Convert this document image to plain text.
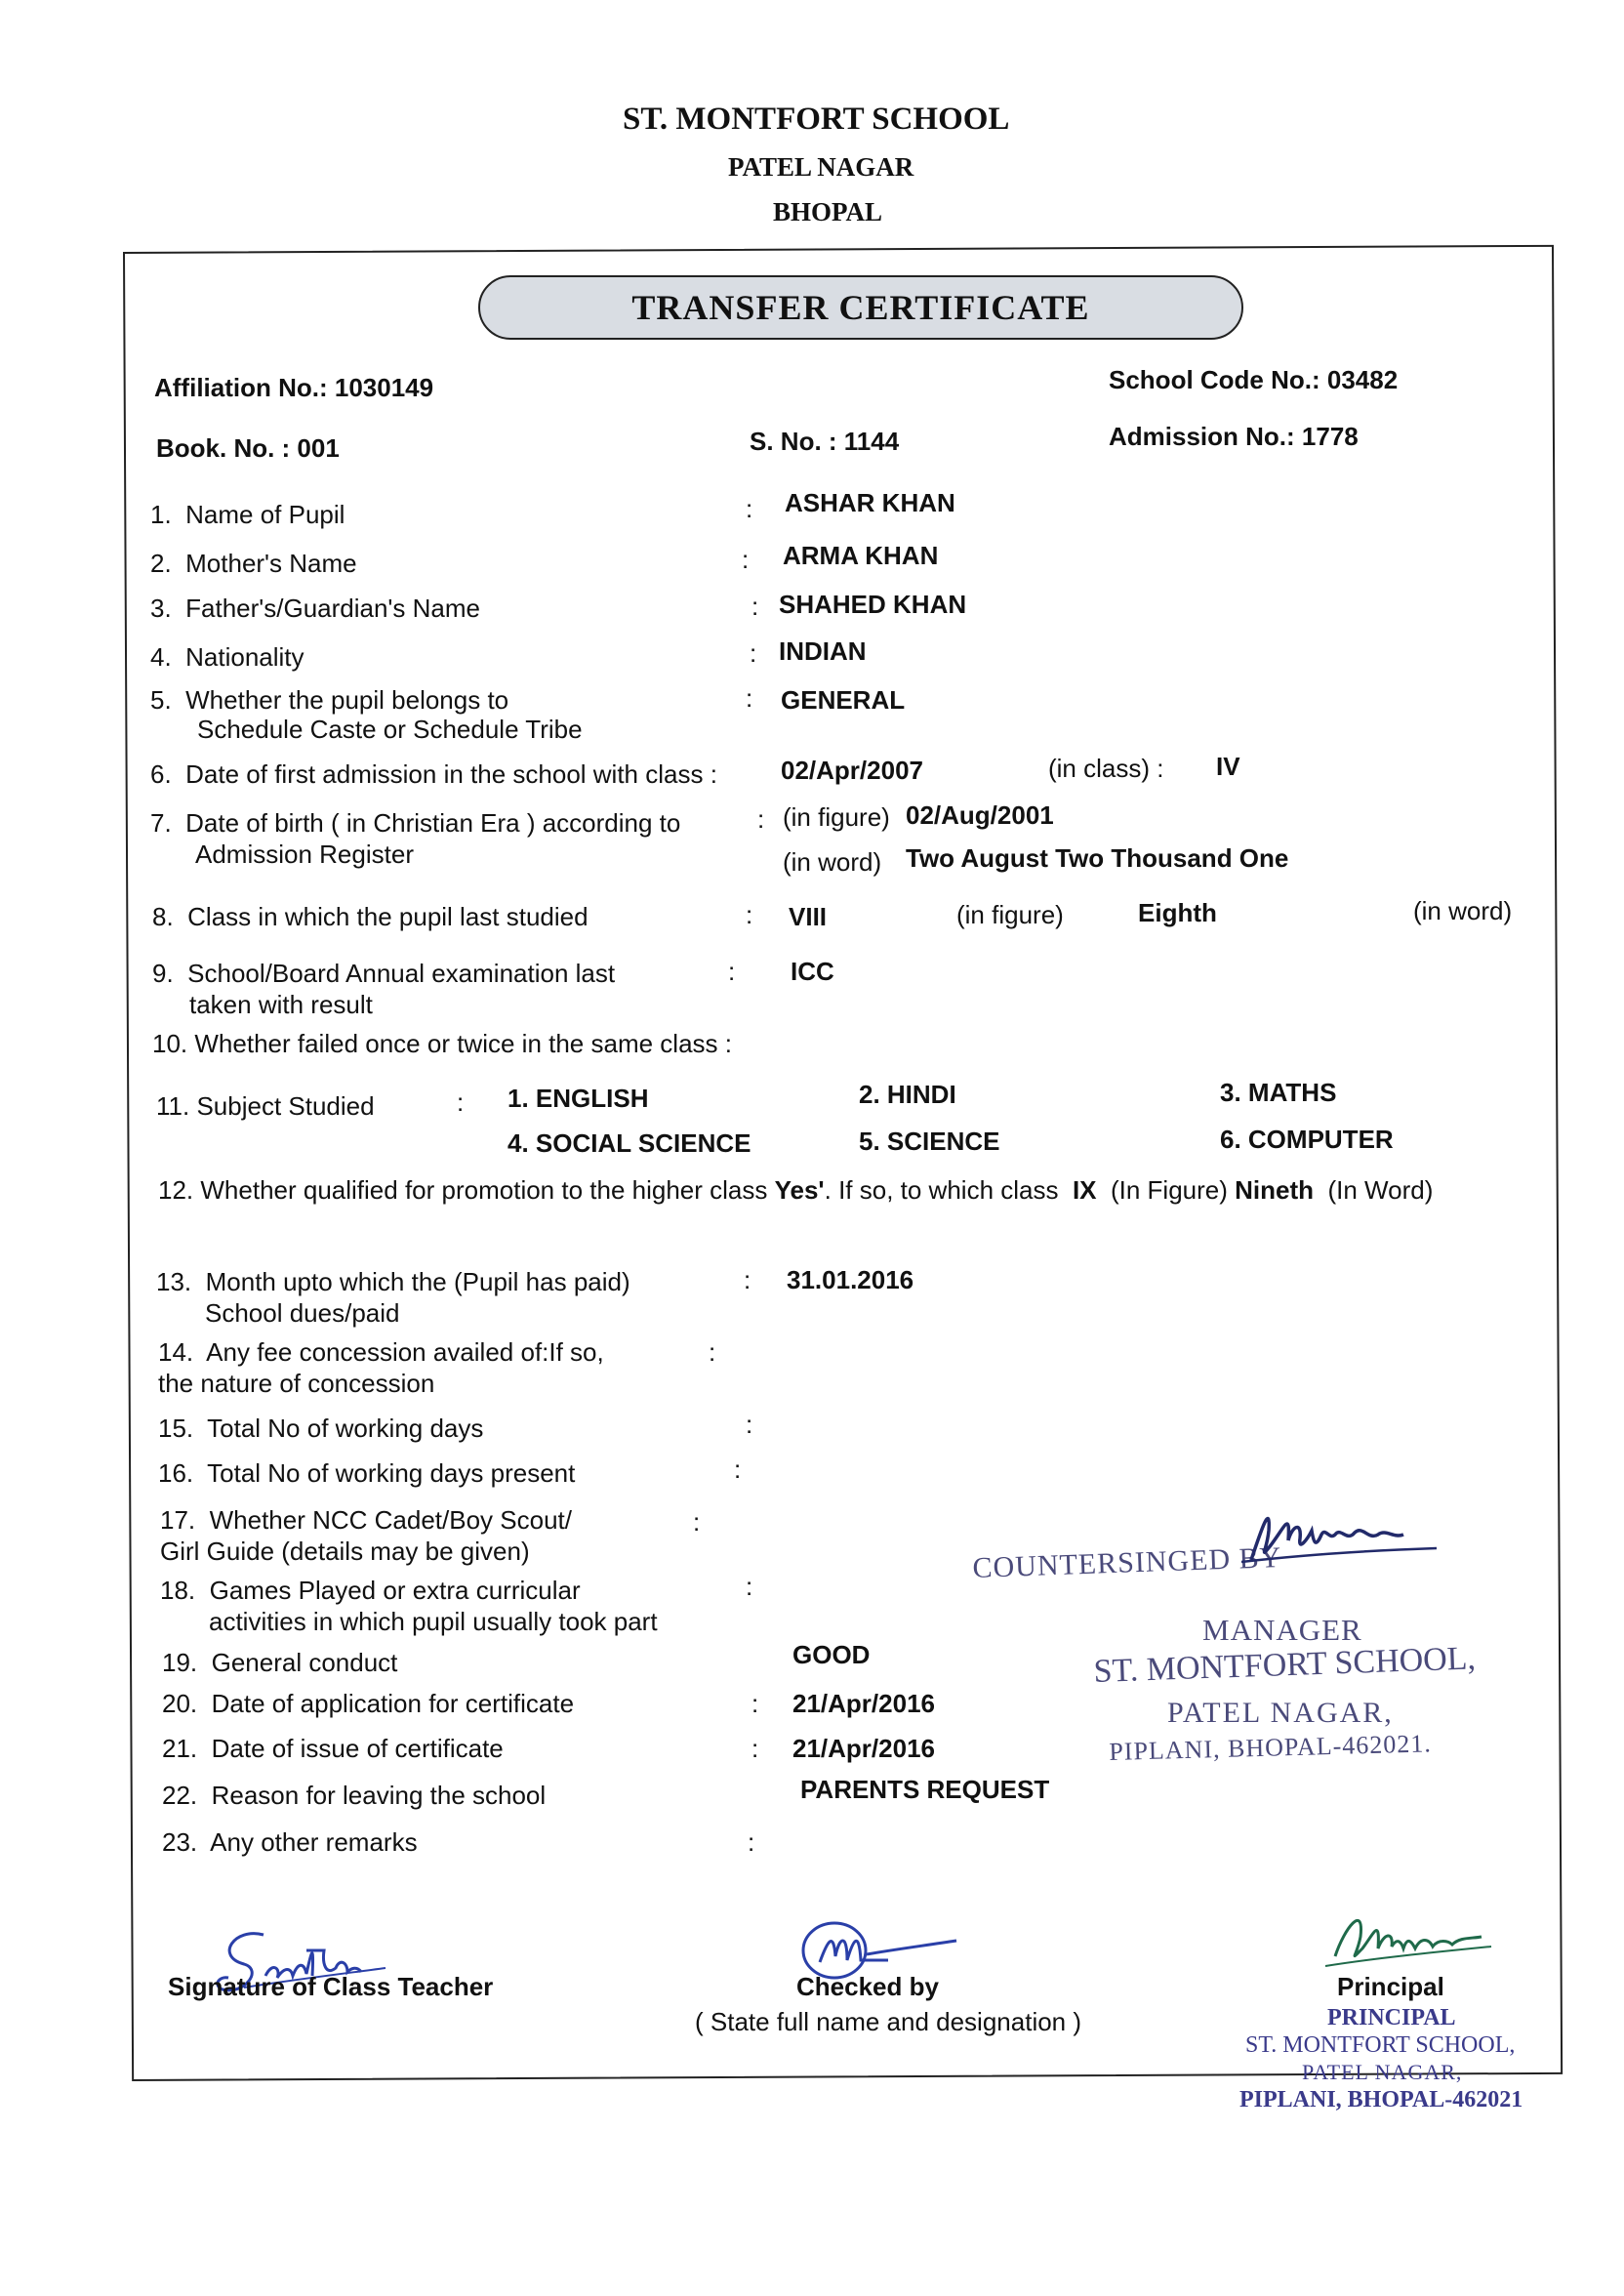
ST. MONTFORT SCHOOL
PATEL NAGAR
BHOPAL
TRANSFER CERTIFICATE
Affiliation No.: 1030149	School Code No.: 03482
Book. No. : 001	S. No. : 1144	Admission No.: 1778
1. Name of Pupil	: ASHAR KHAN
2. Mother's Name	: ARMA KHAN
3. Father's/Guardian's Name	: SHAHED KHAN
4. Nationality	: INDIAN
5. Whether the pupil belongs to
Schedule Caste or Schedule Tribe
: GENERAL
6. Date of first admission in the school with class :	02/Apr/2007	(in class) : IV
7. Date of birth ( in Christian Era ) according to
Admission Register
: (in figure) 02/Aug/2001
(in word) Two August Two Thousand One
8. Class in which the pupil last studied	: VIII	(in figure)	Eighth	(in word)
9. School/Board Annual examination last
taken with result
: ICC
10. Whether failed once or twice in the same class :
11. Subject Studied	: 1. ENGLISH	2. HINDI	3. MATHS
4. SOCIAL SCIENCE	5. SCIENCE	6. COMPUTER
12. Whether qualified for promotion to the higher class Yes'. If so, to which class IX (In Figure) Nineth (In Word)
13. Month upto which the (Pupil has paid)
School dues/paid
: 31.01.2016
14. Any fee concession availed of:If so,
the nature of concession
:
15. Total No of working days	:
16. Total No of working days present	:
17. Whether NCC Cadet/Boy Scout/
Girl Guide (details may be given)
:
18. Games Played or extra curricular
activities in which pupil usually took part
:
19. General conduct	GOOD
20. Date of application for certificate	: 21/Apr/2016
21. Date of issue of certificate	: 21/Apr/2016
22. Reason for leaving the school	PARENTS REQUEST
23. Any other remarks	:
COUNTERSINGED BY
MANAGER
ST. MONTFORT SCHOOL,
PATEL NAGAR,
PIPLANI, BHOPAL-462021.
Signature of Class Teacher	Checked by
( State full name and designation )
Principal
PRINCIPAL
ST. MONTFORT SCHOOL,
PATEL NAGAR,
PIPLANI, BHOPAL-462021
